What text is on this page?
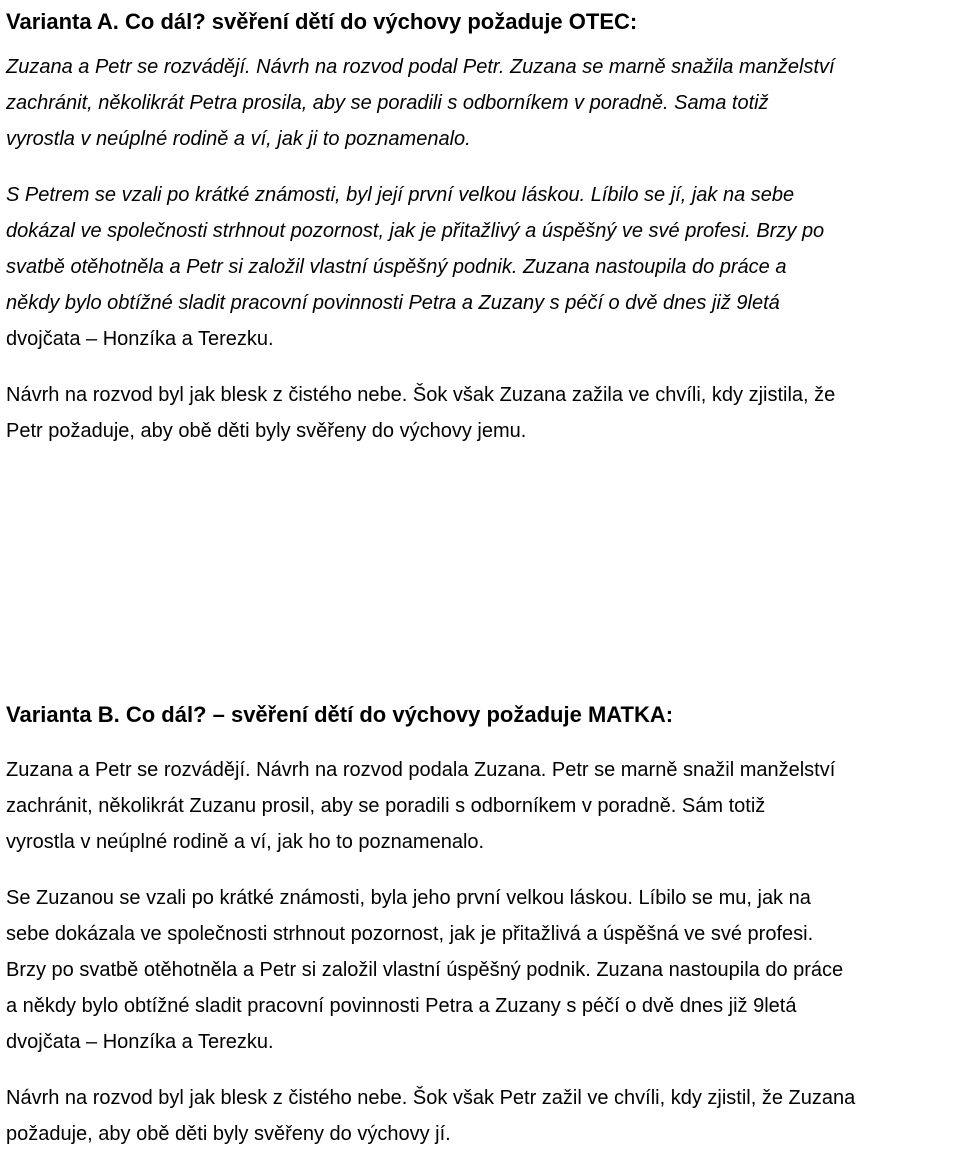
Varianta A. Co dál? svěření dětí do výchovy požaduje OTEC:

Zuzana a Petr se rozvádějí. Návrh na rozvod podal Petr. Zuzana se marně snažila manželství
zachránit, několikrát Petra prosila, aby se poradili s odborníkem v poradně. Sama totiž
vyrostla v neúplné rodině a ví, jak ji to poznamenalo.

S Petrem se vzali po krátké známosti, byl její první velkou láskou. Líbilo se jí, jak na sebe
dokázal ve společnosti strhnout pozornost, jak je přitažlivý a úspěšný ve své profesi. Brzy po
svatbě otěhotněla a Petr si založil vlastní úspěšný podnik. Zuzana nastoupila do práce a
někdy bylo obtížné sladit pracovní povinnosti Petra a Zuzany s péčí o dvě dnes již 9letá
dvojčata – Honzíka a Terezku.

Návrh na rozvod byl jak blesk z čistého nebe. Šok však Zuzana zažila ve chvíli, kdy zjistila, že
Petr požaduje, aby obě děti byly svěřeny do výchovy jemu.

Varianta B. Co dál? – svěření dětí do výchovy požaduje MATKA:

Zuzana a Petr se rozvádějí. Návrh na rozvod podala Zuzana. Petr se marně snažil manželství
zachránit, několikrát Zuzanu prosil, aby se poradili s odborníkem v poradně. Sám totiž
vyrostla v neúplné rodině a ví, jak ho to poznamenalo.

Se Zuzanou se vzali po krátké známosti, byla jeho první velkou láskou. Líbilo se mu, jak na
sebe dokázala ve společnosti strhnout pozornost, jak je přitažlivá a úspěšná ve své profesi.
Brzy po svatbě otěhotněla a Petr si založil vlastní úspěšný podnik. Zuzana nastoupila do práce
a někdy bylo obtížné sladit pracovní povinnosti Petra a Zuzany s péčí o dvě dnes již 9letá
dvojčata – Honzíka a Terezku.

Návrh na rozvod byl jak blesk z čistého nebe. Šok však Petr zažil ve chvíli, kdy zjistil, že Zuzana
požaduje, aby obě děti byly svěřeny do výchovy jí.
